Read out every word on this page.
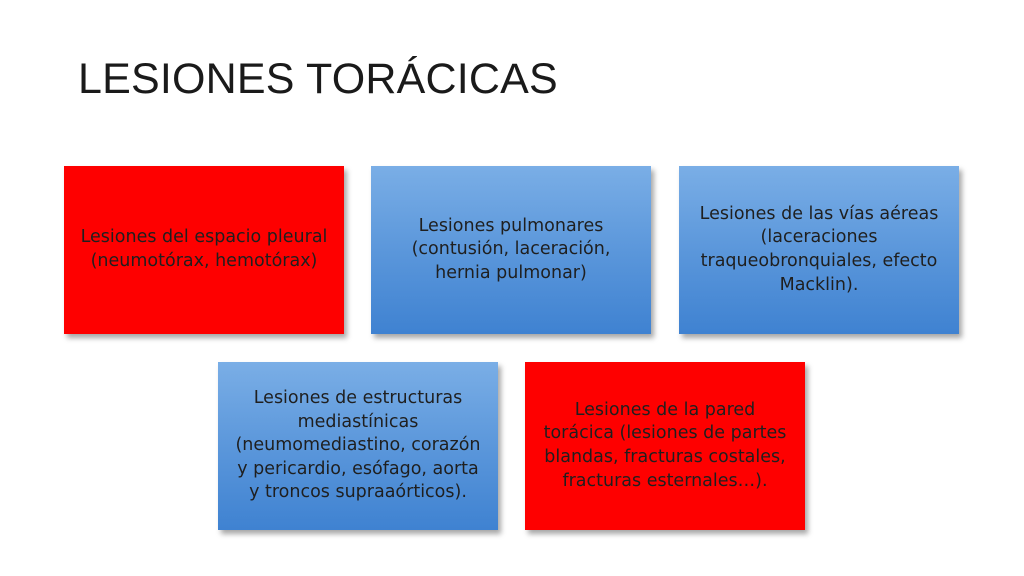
LESIONES TORÁCICAS
Lesiones del espacio pleural (neumotórax, hemotórax)
Lesiones pulmonares (contusión, laceración, hernia pulmonar)
Lesiones de las vías aéreas (laceraciones traqueobronquiales, efecto Macklin).
Lesiones de estructuras mediastínicas (neumomediastino, corazón y pericardio, esófago, aorta y troncos supraaórticos).
Lesiones de la pared torácica (lesiones de partes blandas, fracturas costales, fracturas esternales…).
